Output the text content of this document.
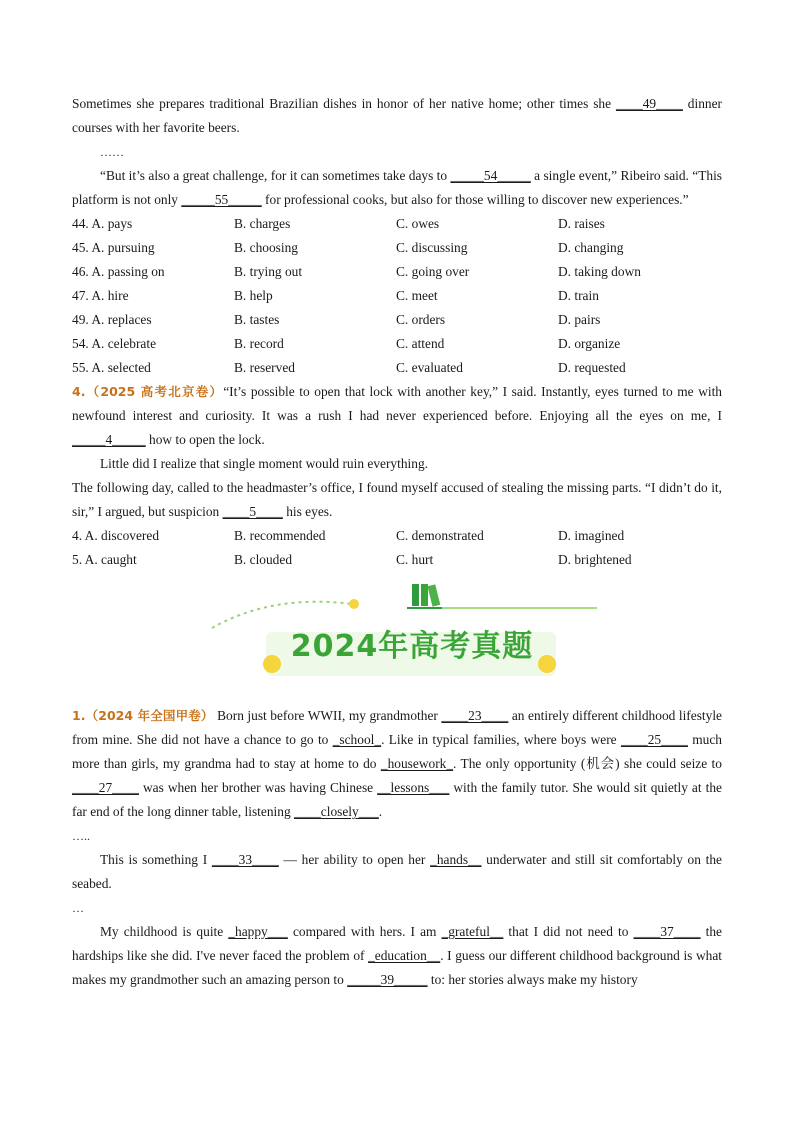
Sometimes she prepares traditional Brazilian dishes in honor of her native home; other times she ____49____ dinner courses with her favorite beers.

……

“But it’s also a great challenge, for it can sometimes take days to _____54_____ a single event,” Ribeiro said. “This platform is not only _____55_____ for professional cooks, but also for those willing to discover new experiences.”

44. A. pays	B. charges	C. owes	D. raises
45. A. pursuing	B. choosing	C. discussing	D. changing
46. A. passing on	B. trying out	C. going over	D. taking down
47. A. hire	B. help	C. meet	D. train
49. A. replaces	B. tastes	C. orders	D. pairs
54. A. celebrate	B. record	C. attend	D. organize
55. A. selected	B. reserved	C. evaluated	D. requested

4.（2025 高考北京卷）“It’s possible to open that lock with another key,” I said. Instantly, eyes turned to me with newfound interest and curiosity. It was a rush I had never experienced before. Enjoying all the eyes on me, I _____4_____ how to open the lock.

Little did I realize that single moment would ruin everything.

The following day, called to the headmaster’s office, I found myself accused of stealing the missing parts. “I didn’t do it, sir,” I argued, but suspicion ____5____ his eyes.

4. A. discovered	B. recommended	C. demonstrated	D. imagined
5. A. caught	B. clouded	C. hurt	D. brightened
2024年高考真题

1.（2024 年全国甲卷） Born just before WWII, my grandmother ____23____ an entirely different childhood lifestyle from mine. She did not have a chance to go to _school_. Like in typical families, where boys were ____25____ much more than girls, my grandma had to stay at home to do _housework_. The only opportunity (机会) she could seize to ____27____ was when her brother was having Chinese __lessons___ with the family tutor. She would sit quietly at the far end of the long dinner table, listening ____closely___.

…..

This is something I ____33____ — her ability to open her _hands__ underwater and still sit comfortably on the seabed.

…

My childhood is quite _happy___ compared with hers. I am _grateful__ that I did not need to ____37____ the hardships like she did. I've never faced the problem of _education__. I guess our different childhood background is what makes my grandmother such an amazing person to _____39_____ to: her stories always make my history
